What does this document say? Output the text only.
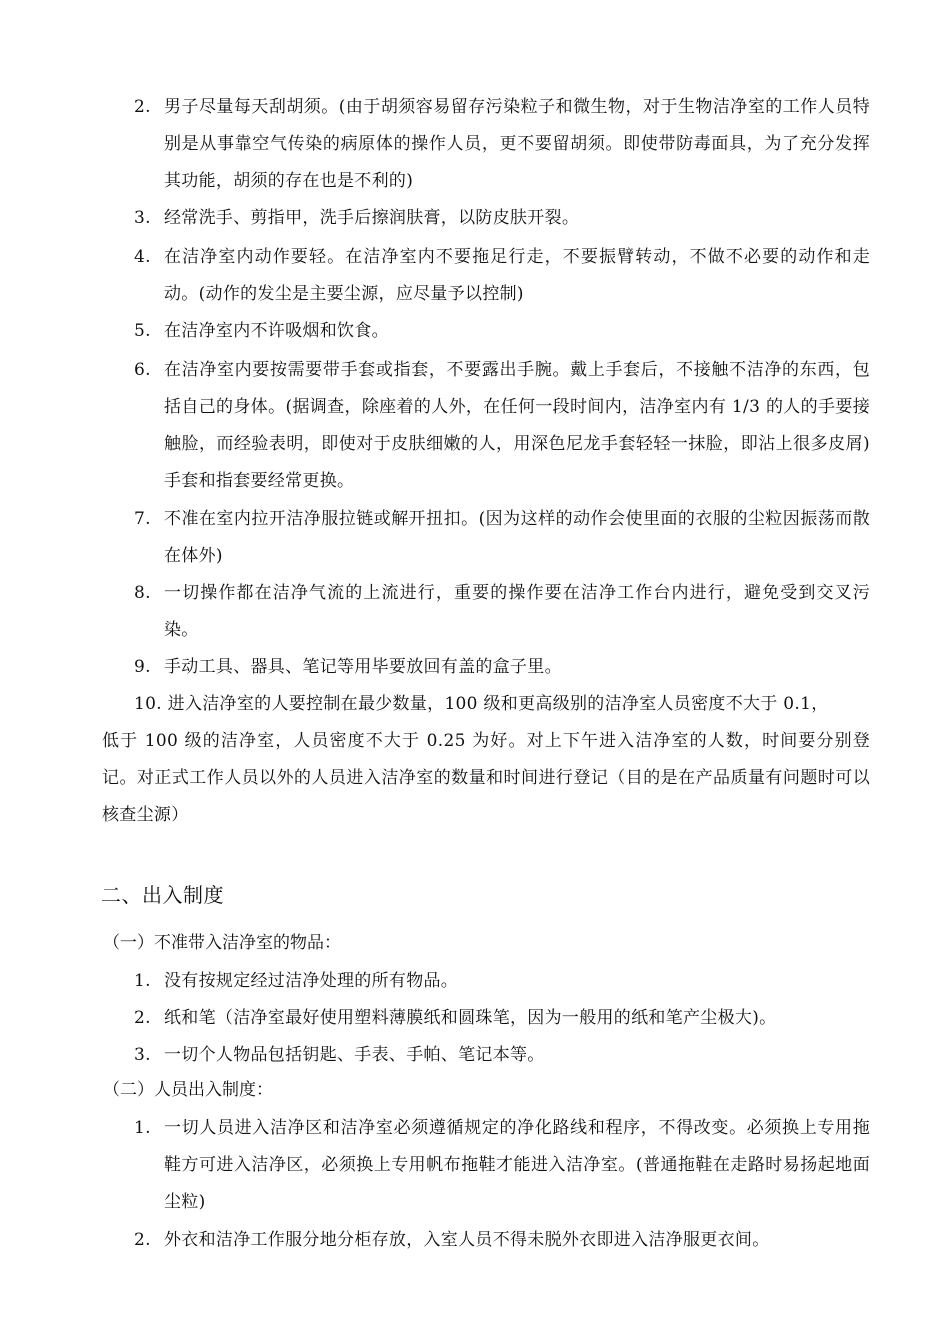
2. 男子尽量每天刮胡须。(由于胡须容易留存污染粒子和微生物，对于生物洁净室的工作人员特别是从事靠空气传染的病原体的操作人员，更不要留胡须。即使带防毒面具，为了充分发挥其功能，胡须的存在也是不利的)
3. 经常洗手、剪指甲，洗手后擦润肤膏，以防皮肤开裂。
4. 在洁净室内动作要轻。在洁净室内不要拖足行走，不要振臂转动，不做不必要的动作和走动。(动作的发尘是主要尘源，应尽量予以控制)
5. 在洁净室内不许吸烟和饮食。
6. 在洁净室内要按需要带手套或指套，不要露出手腕。戴上手套后，不接触不洁净的东西，包括自己的身体。(据调查，除座着的人外，在任何一段时间内，洁净室内有 1/3 的人的手要接触脸，而经验表明，即使对于皮肤细嫩的人，用深色尼龙手套轻轻一抹脸，即沾上很多皮屑)手套和指套要经常更换。
7. 不准在室内拉开洁净服拉链或解开扭扣。(因为这样的动作会使里面的衣服的尘粒因振荡而散在体外)
8. 一切操作都在洁净气流的上流进行，重要的操作要在洁净工作台内进行，避免受到交叉污染。
9. 手动工具、器具、笔记等用毕要放回有盖的盒子里。
10. 进入洁净室的人要控制在最少数量，100 级和更高级别的洁净室人员密度不大于 0.1，
低于 100 级的洁净室，人员密度不大于 0.25 为好。对上下午进入洁净室的人数，时间要分别登记。对正式工作人员以外的人员进入洁净室的数量和时间进行登记（目的是在产品质量有问题时可以核查尘源）
二、出入制度
（一）不准带入洁净室的物品：
1. 没有按规定经过洁净处理的所有物品。
2. 纸和笔（洁净室最好使用塑料薄膜纸和圆珠笔，因为一般用的纸和笔产尘极大)。
3. 一切个人物品包括钥匙、手表、手帕、笔记本等。
（二）人员出入制度：
1. 一切人员进入洁净区和洁净室必须遵循规定的净化路线和程序，不得改变。必须换上专用拖鞋方可进入洁净区，必须换上专用帆布拖鞋才能进入洁净室。(普通拖鞋在走路时易扬起地面尘粒)
2. 外衣和洁净工作服分地分柜存放，入室人员不得未脱外衣即进入洁净服更衣间。
